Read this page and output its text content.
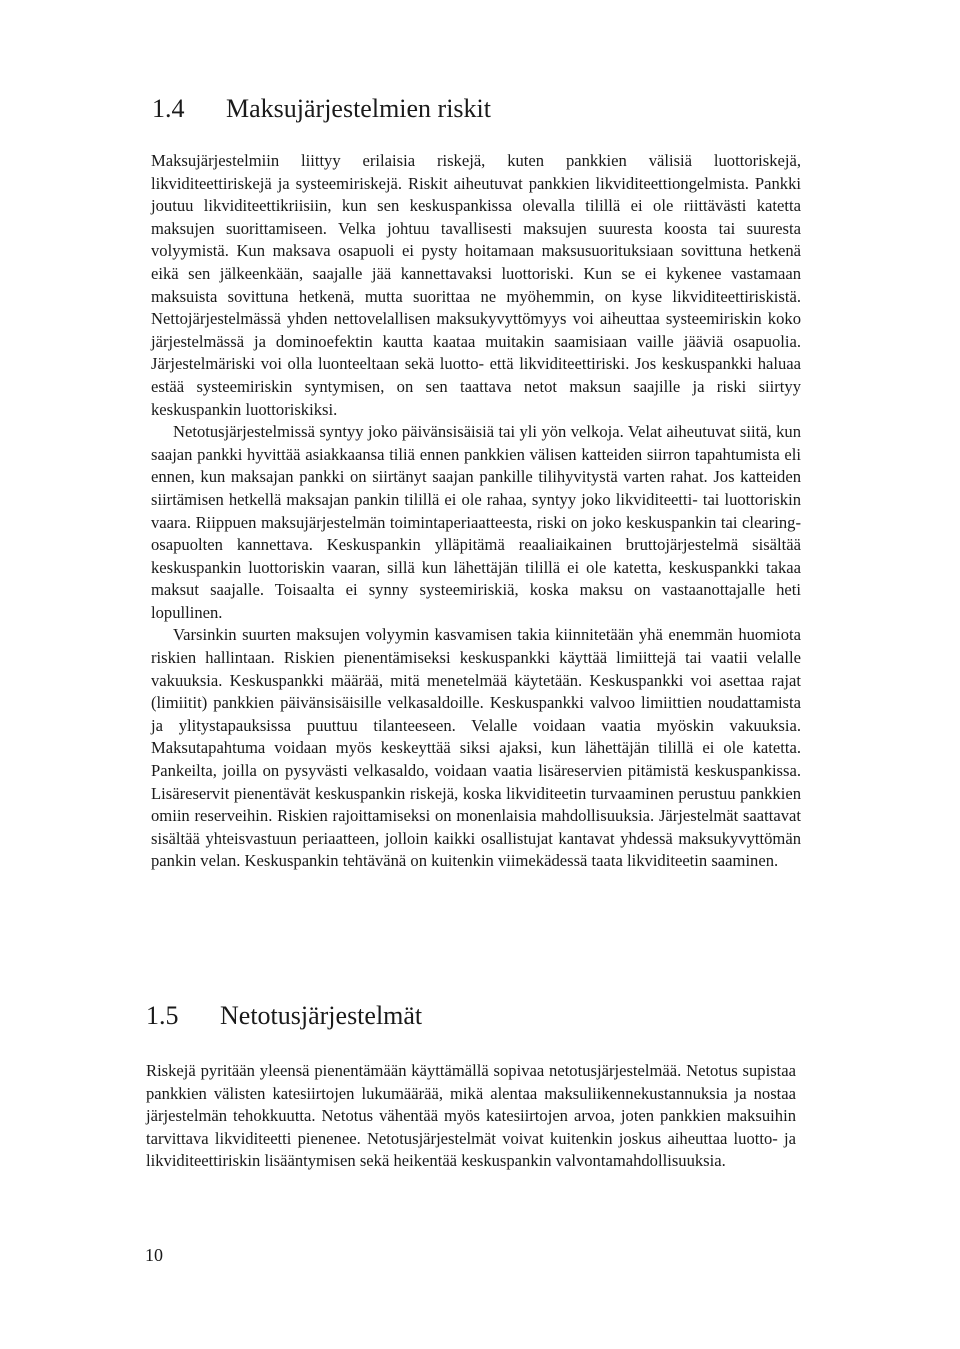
1.4 Maksujärjestelmien riskit

Maksujärjestelmiin liittyy erilaisia riskejä, kuten pankkien välisiä luottoriskejä, likviditeettiriskejä ja systeemiriskejä. Riskit aiheutuvat pankkien likviditeettiongelmista. Pankki joutuu likviditeettikriisiin, kun sen keskuspankissa olevalla tilillä ei ole riittävästi katetta maksujen suorittamiseen. Velka johtuu tavallisesti maksujen suuresta koosta tai suuresta volyymistä. Kun maksava osapuoli ei pysty hoitamaan maksusuorituksiaan sovittuna hetkenä eikä sen jälkeenkään, saajalle jää kannettavaksi luottoriski. Kun se ei kykenee vastamaan maksuista sovittuna hetkenä, mutta suorittaa ne myöhemmin, on kyse likviditeettiriskistä. Nettojärjestelmässä yhden nettovelallisen maksukyvyttömyys voi aiheuttaa systeemiriskin koko järjestelmässä ja dominoefektin kautta kaataa muitakin saamisiaan vaille jääviä osapuolia. Järjestelmäriski voi olla luonteeltaan sekä luotto- että likviditeettiriski. Jos keskuspankki haluaa estää systeemiriskin syntymisen, on sen taattava netot maksun saajille ja riski siirtyy keskuspankin luottoriskiksi.

Netotusjärjestelmissä syntyy joko päivänsisäisiä tai yli yön velkoja. Velat aiheutuvat siitä, kun saajan pankki hyvittää asiakkaansa tiliä ennen pankkien välisen katteiden siirron tapahtumista eli ennen, kun maksajan pankki on siirtänyt saajan pankille tilihyvitystä varten rahat. Jos katteiden siirtämisen hetkellä maksajan pankin tilillä ei ole rahaa, syntyy joko likviditeetti- tai luottoriskin vaara. Riippuen maksujärjestelmän toimintaperiaatteesta, riski on joko keskuspankin tai clearing-osapuolten kannettava. Keskuspankin ylläpitämä reaaliaikainen bruttojärjestelmä sisältää keskuspankin luottoriskin vaaran, sillä kun lähettäjän tilillä ei ole katetta, keskuspankki takaa maksut saajalle. Toisaalta ei synny systeemiriskiä, koska maksu on vastaanottajalle heti lopullinen.

Varsinkin suurten maksujen volyymin kasvamisen takia kiinnitetään yhä enemmän huomiota riskien hallintaan. Riskien pienentämiseksi keskuspankki käyttää limiittejä tai vaatii velalle vakuuksia. Keskuspankki määrää, mitä menetelmää käytetään. Keskuspankki voi asettaa rajat (limiitit) pankkien päivänsisäisille velkasaldoille. Keskuspankki valvoo limiittien noudattamista ja ylitystapauksissa puuttuu tilanteeseen. Velalle voidaan vaatia myöskin vakuuksia. Maksutapahtuma voidaan myös keskeyttää siksi ajaksi, kun lähettäjän tilillä ei ole katetta. Pankeilta, joilla on pysyvästi velkasaldo, voidaan vaatia lisäreservien pitämistä keskuspankissa. Lisäreservit pienentävät keskuspankin riskejä, koska likviditeetin turvaaminen perustuu pankkien omiin reserveihin. Riskien rajoittamiseksi on monenlaisia mahdollisuuksia. Järjestelmät saattavat sisältää yhteisvastuun periaatteen, jolloin kaikki osallistujat kantavat yhdessä maksukyvyttömän pankin velan. Keskuspankin tehtävänä on kuitenkin viimekädessä taata likviditeetin saaminen.

1.5 Netotusjärjestelmät

Riskejä pyritään yleensä pienentämään käyttämällä sopivaa netotusjärjestelmää. Netotus supistaa pankkien välisten katesiirtojen lukumäärää, mikä alentaa maksuliikennekustannuksia ja nostaa järjestelmän tehokkuutta. Netotus vähentää myös katesiirtojen arvoa, joten pankkien maksuihin tarvittava likviditeetti pienenee. Netotusjärjestelmät voivat kuitenkin joskus aiheuttaa luotto- ja likviditeettiriskin lisääntymisen sekä heikentää keskuspankin valvontamahdollisuuksia.

10
